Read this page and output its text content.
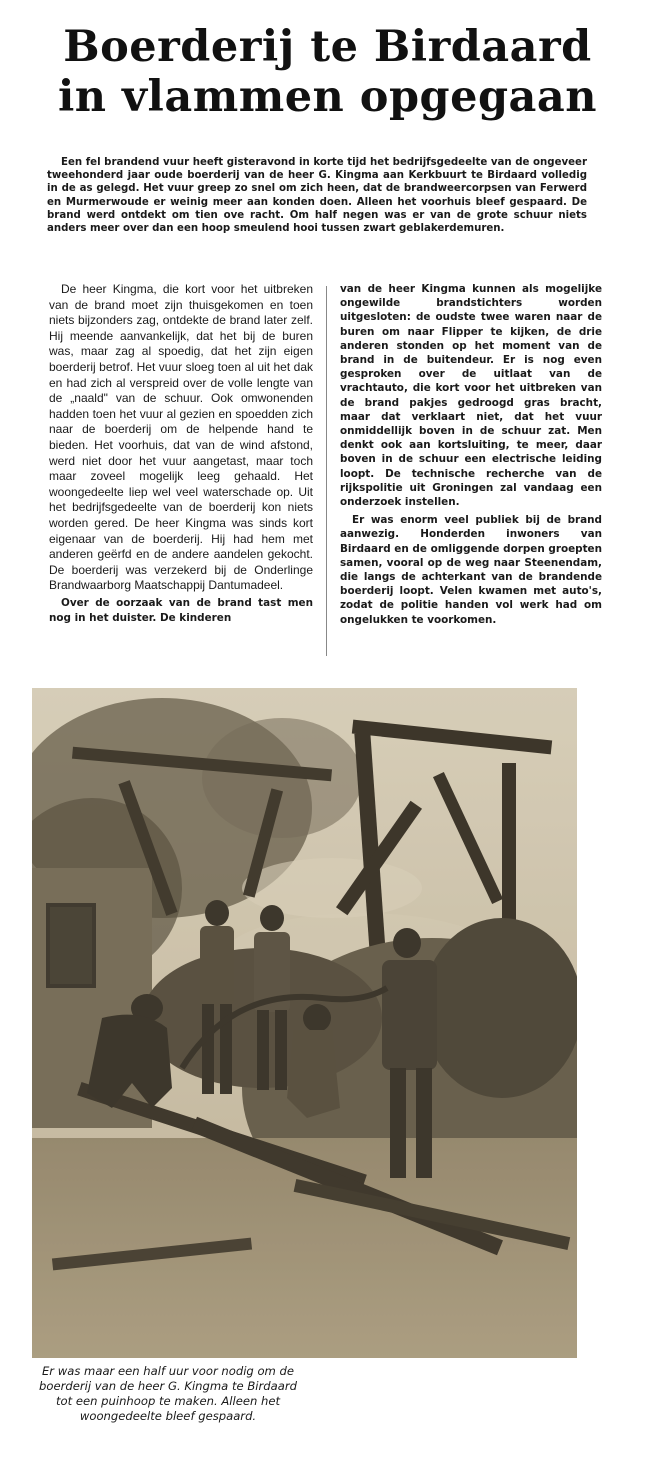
Boerderij te Birdaard
in vlammen opgegaan
Een fel brandend vuur heeft gisteravond in korte tijd het bedrijfsgedeelte van de ongeveer tweehonderd jaar oude boerderij van de heer G. Kingma aan Kerkbuurt te Birdaard volledig in de as gelegd. Het vuur greep zo snel om zich heen, dat de brandweercorpsen van Ferwerd en Murmerwoude er weinig meer aan konden doen. Alleen het voorhuis bleef gespaard. De brand werd ontdekt om tien ove racht. Om half negen was er van de grote schuur niets anders meer over dan een hoop smeulend hooi tussen zwart geblakerdemuren.

De heer Kingma, die kort voor het uitbreken van de brand moet zijn thuisgekomen en toen niets bijzonders zag, ontdekte de brand later zelf. Hij meende aanvankelijk, dat het bij de buren was, maar zag al spoedig, dat het zijn eigen boerderij betrof. Het vuur sloeg toen al uit het dak en had zich al verspreid over de volle lengte van de „naald" van de schuur. Ook omwonenden hadden toen het vuur al gezien en spoedden zich naar de boerderij om de helpende hand te bieden. Het voorhuis, dat van de wind afstond, werd niet door het vuur aangetast, maar toch maar zoveel mogelijk leeg gehaald. Het woongedeelte liep wel veel waterschade op. Uit het bedrijfsgedeelte van de boerderij kon niets worden gered. De heer Kingma was sinds kort eigenaar van de boerderij. Hij had hem met anderen geërfd en de andere aandelen gekocht. De boerderij was verzekerd bij de Onderlinge Brandwaarborg Maatschappij Dantumadeel.

Over de oorzaak van de brand tast men nog in het duister. De kinderen

van de heer Kingma kunnen als mogelijke ongewilde brandstichters worden uitgesloten: de oudste twee waren naar de buren om naar Flipper te kijken, de drie anderen stonden op het moment van de brand in de buitendeur. Er is nog even gesproken over de uitlaat van de vrachtauto, die kort voor het uitbreken van de brand pakjes gedroogd gras bracht, maar dat verklaart niet, dat het vuur onmiddellijk boven in de schuur zat. Men denkt ook aan kortsluiting, te meer, daar boven in de schuur een electrische leiding loopt. De technische recherche van de rijkspolitie uit Groningen zal vandaag een onderzoek instellen.

Er was enorm veel publiek bij de brand aanwezig. Honderden inwoners van Birdaard en de omliggende dorpen groepten samen, vooral op de weg naar Steenendam, die langs de achterkant van de brandende boerderij loopt. Velen kwamen met auto's, zodat de politie handen vol werk had om ongelukken te voorkomen.

Er was maar een half uur voor nodig om de boerderij van de heer G. Kingma te Birdaard tot een puinhoop te maken. Alleen het woongedeelte bleef gespaard.
